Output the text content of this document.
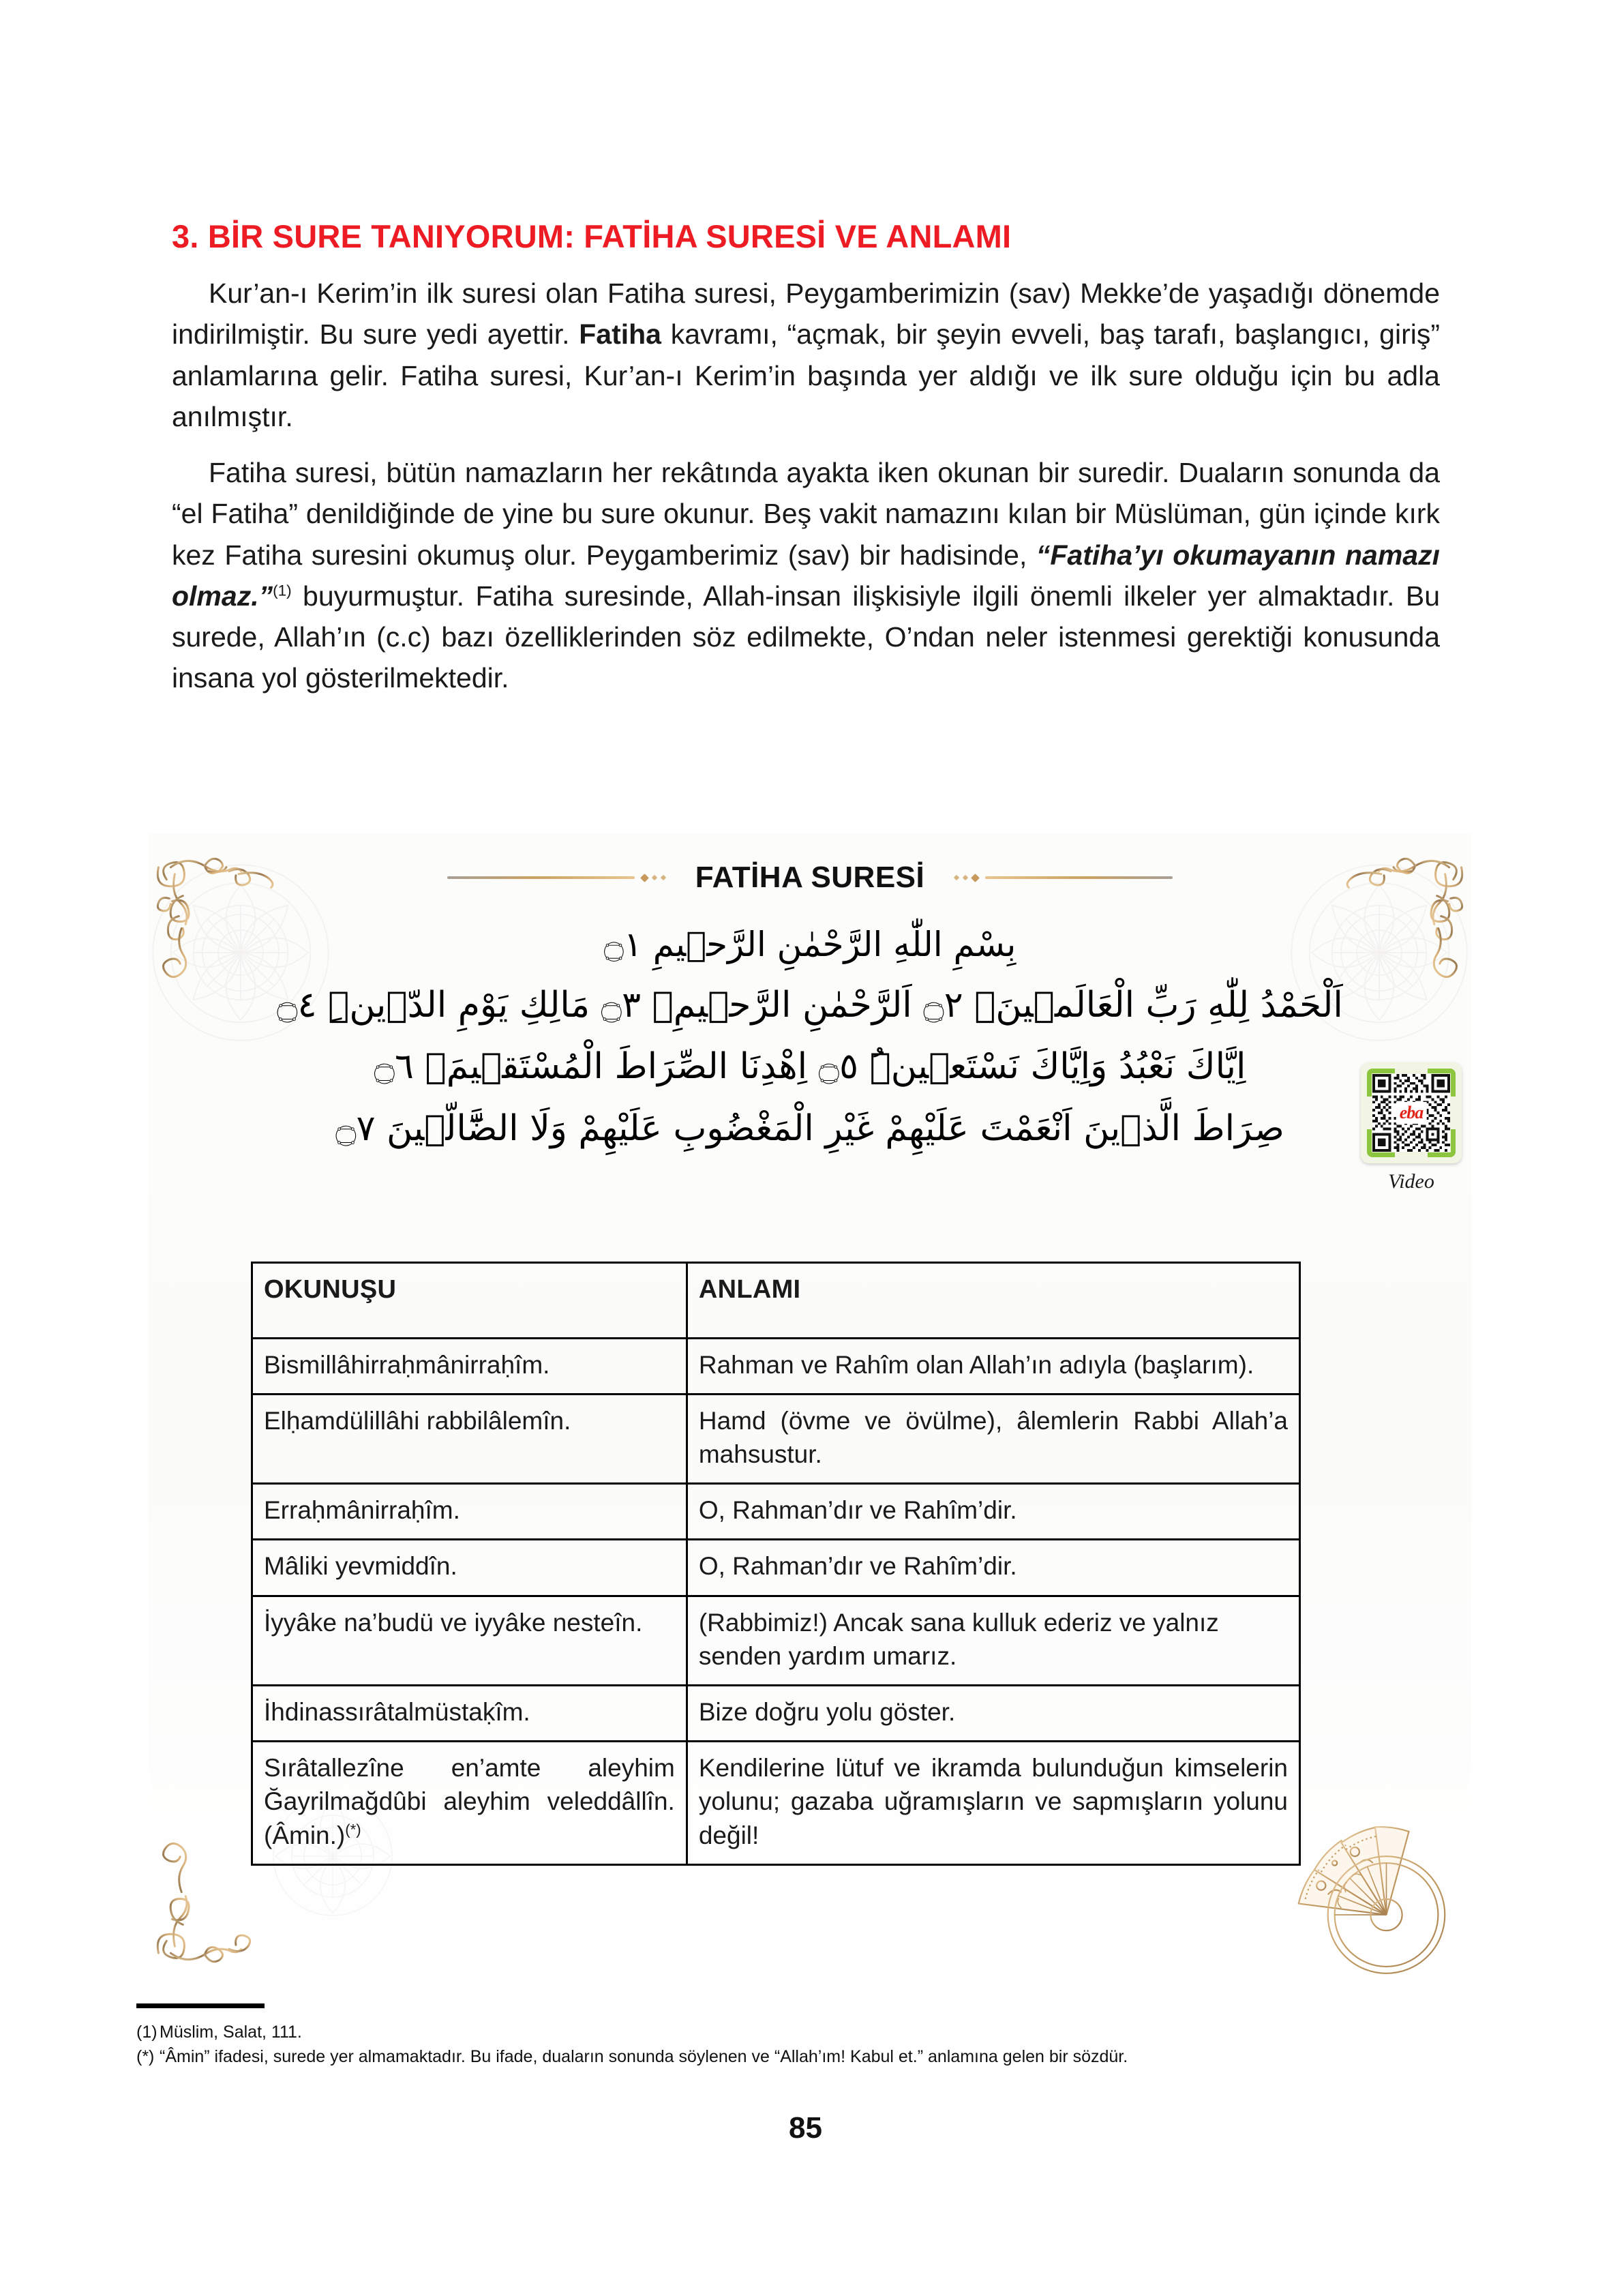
3. BİR SURE TANIYORUM: FATİHA SURESİ VE ANLAMI

Kur’an-ı Kerim’in ilk suresi olan Fatiha suresi, Peygamberimizin (sav) Mekke’de yaşadığı dönemde indirilmiştir. Bu sure yedi ayettir. Fatiha kavramı, “açmak, bir şeyin evveli, baş tarafı, başlangıcı, giriş” anlamlarına gelir. Fatiha suresi, Kur’an-ı Kerim’in başında yer aldığı ve ilk sure olduğu için bu adla anılmıştır.

Fatiha suresi, bütün namazların her rekâtında ayakta iken okunan bir suredir. Duaların sonunda da “el Fatiha” denildiğinde de yine bu sure okunur. Beş vakit namazını kılan bir Müslüman, gün içinde kırk kez Fatiha suresini okumuş olur. Peygamberimiz (sav) bir hadisinde, “Fatiha’yı okumayanın namazı olmaz.”$^{(1)}$ buyurmuştur. Fatiha suresinde, Allah-insan ilişkisiyle ilgili önemli ilkeler yer almaktadır. Bu surede, Allah’ın (c.c) bazı özelliklerinden söz edilmekte, O’ndan neler istenmesi gerektiği konusunda insana yol gösterilmektedir.

FATİHA SURESİ
بِسْمِ اللّٰهِ الرَّحْمٰنِ الرَّح۪يمِ ۝١
اَلْحَمْدُ لِلّٰهِ رَبِّ الْعَالَم۪ينَۙ ۝٢ اَلرَّحْمٰنِ الرَّح۪يمِۙ ۝٣ مَالِكِ يَوْمِ الدّ۪ينِۜ ۝٤
اِيَّاكَ نَعْبُدُ وَاِيَّاكَ نَسْتَع۪ينُۜ ۝٥ اِهْدِنَا الصِّرَاطَ الْمُسْتَق۪يمَۙ ۝٦
صِرَاطَ الَّذ۪ينَ اَنْعَمْتَ عَلَيْهِمْ غَيْرِ الْمَغْضُوبِ عَلَيْهِمْ وَلَا الضَّٓالّ۪ينَ ۝٧	eba
Video
OKUNUŞU	ANLAMI
Bismillâhirraḥmânirraḥîm.	Rahman ve Rahîm olan Allah’ın adıyla (başlarım).
Elḥamdülillâhi rabbilâlemîn.	Hamd (övme ve övülme), âlemlerin Rabbi Allah’a mahsustur.
Erraḥmânirraḥîm.	O, Rahman’dır ve Rahîm’dir.
Mâliki yevmiddîn.	O, Rahman’dır ve Rahîm’dir.
İyyâke na’budü ve iyyâke nesteîn.	(Rabbimiz!) Ancak sana kulluk ederiz ve yalnız senden yardım umarız.
İhdinassırâtalmüstaḳîm.	Bize doğru yolu göster.
Sırâtallezîne en’amte aleyhim Ğayrilmağdûbi aleyhim veleddâllîn. (Âmin.)(*)	Kendilerine lütuf ve ikramda bulunduğun kimselerin yolunu; gazaba uğramışların ve sapmışların yolunu değil!
(1) Müslim, Salat, 111.
(*) “Âmin” ifadesi, surede yer almamaktadır. Bu ifade, duaların sonunda söylenen ve “Allah’ım! Kabul et.” anlamına gelen bir sözdür.
85
